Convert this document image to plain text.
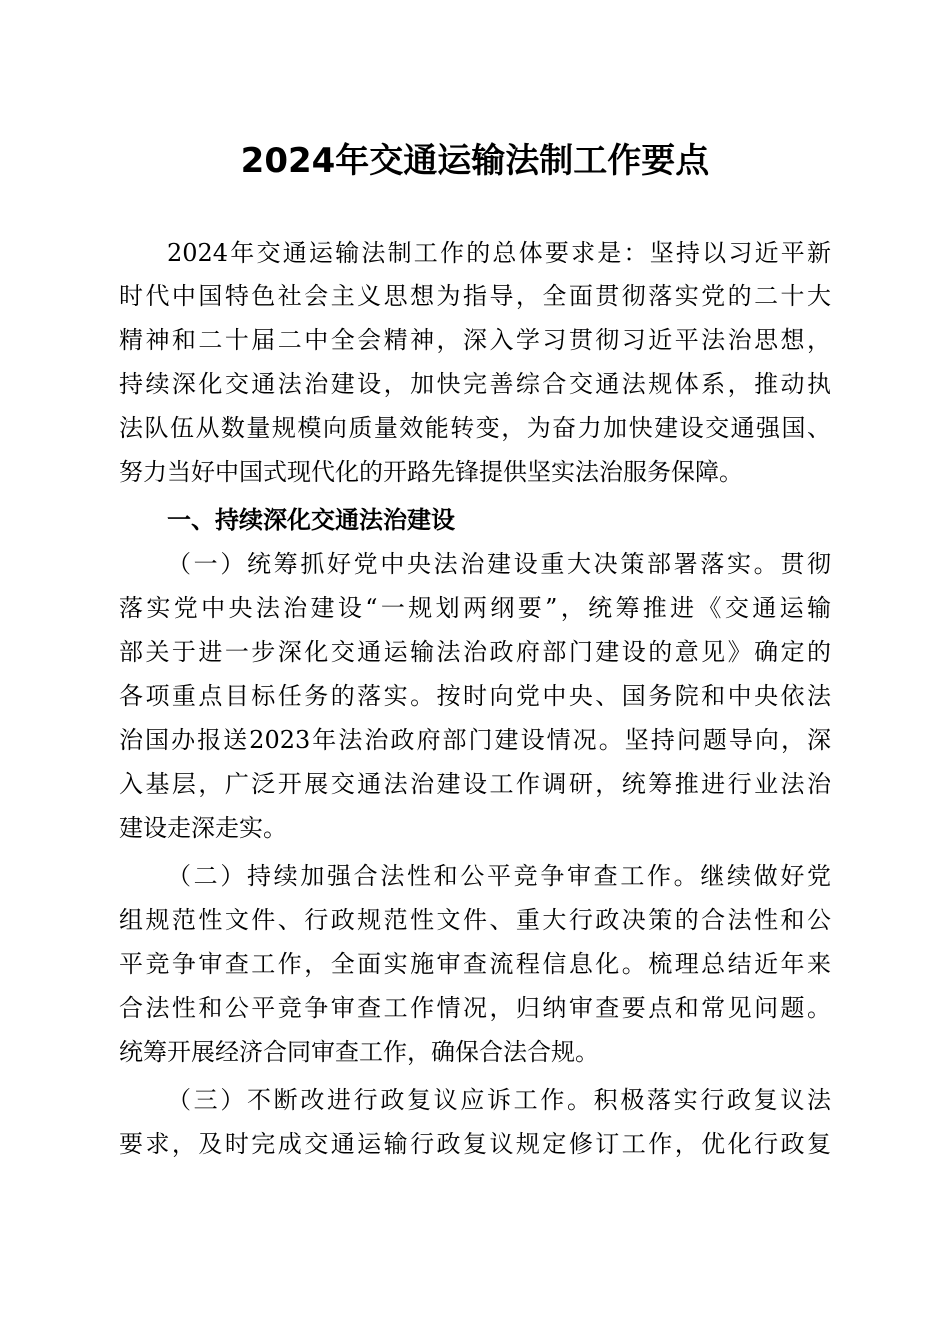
2024年交通运输法制工作要点
2024年交通运输法制工作的总体要求是：坚持以习近平新
时代中国特色社会主义思想为指导，全面贯彻落实党的二十大
精神和二十届二中全会精神，深入学习贯彻习近平法治思想，
持续深化交通法治建设，加快完善综合交通法规体系，推动执
法队伍从数量规模向质量效能转变，为奋力加快建设交通强国、
努力当好中国式现代化的开路先锋提供坚实法治服务保障。
一、持续深化交通法治建设
（一）统筹抓好党中央法治建设重大决策部署落实。贯彻
落实党中央法治建设“一规划两纲要”，统筹推进《交通运输
部关于进一步深化交通运输法治政府部门建设的意见》确定的
各项重点目标任务的落实。按时向党中央、国务院和中央依法
治国办报送2023年法治政府部门建设情况。坚持问题导向，深
入基层，广泛开展交通法治建设工作调研，统筹推进行业法治
建设走深走实。
（二）持续加强合法性和公平竞争审查工作。继续做好党
组规范性文件、行政规范性文件、重大行政决策的合法性和公
平竞争审查工作，全面实施审查流程信息化。梳理总结近年来
合法性和公平竞争审查工作情况，归纳审查要点和常见问题。
统筹开展经济合同审查工作，确保合法合规。
（三）不断改进行政复议应诉工作。积极落实行政复议法
要求，及时完成交通运输行政复议规定修订工作，优化行政复
